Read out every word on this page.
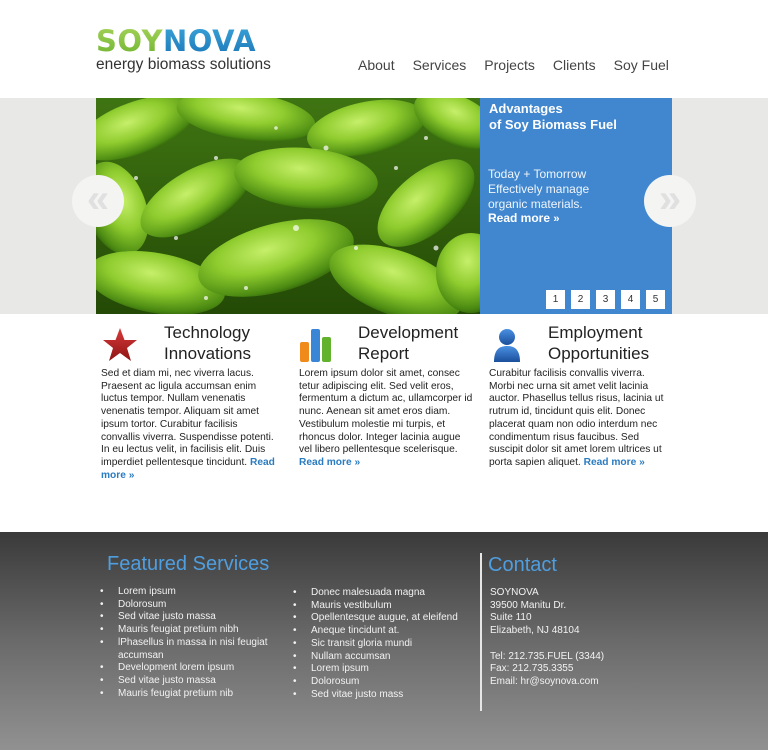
SOYNOVA
energy biomass solutions	About Services Projects Clients Soy Fuel
Advantages
of Soy Biomass Fuel
Today + Tomorrow
Effectively manage
organic materials.
Read more »
1	2	3	4	5
«	»
Technology
Innovations
Sed et diam mi, nec viverra lacus. Praesent ac ligula accumsan enim luctus tempor. Nullam venenatis venenatis tempor. Aliquam sit amet ipsum tortor. Curabitur facilisis convallis viverra. Suspendisse potenti. In eu lectus velit, in facilisis elit. Duis imperdiet pellentesque tincidunt. Read more »
Development
Report
Lorem ipsum dolor sit amet, consec tetur adipiscing elit. Sed velit eros, fermentum a dictum ac, ullamcorper id nunc. Aenean sit amet eros diam. Vestibulum molestie mi turpis, et rhoncus dolor. Integer lacinia augue vel libero pellentesque scelerisque. Read more »
Employment
Opportunities
Curabitur facilisis convallis viverra. Morbi nec urna sit amet velit lacinia auctor. Phasellus tellus risus, lacinia ut rutrum id, tincidunt quis elit. Donec placerat quam non odio interdum nec condimentum risus faucibus. Sed suscipit dolor sit amet lorem ultrices ut porta sapien aliquet. Read more »
Featured Services
• Lorem ipsum
• Dolorosum
• Sed vitae justo massa
• Mauris feugiat pretium nibh
• lPhasellus in massa in nisi feugiat accumsan
• Development lorem ipsum
• Sed vitae justo massa
• Mauris feugiat pretium nib
• Donec malesuada magna
• Mauris vestibulum
• Opellentesque augue, at eleifend
• Aneque tincidunt at.
• Sic transit gloria mundi
• Nullam accumsan
• Lorem ipsum
• Dolorosum
• Sed vitae justo mass
Contact
SOYNOVA
39500 Manitu Dr.
Suite 110
Elizabeth, NJ 48104
Tel: 212.735.FUEL (3344)
Fax: 212.735.3355
Email: hr@soynova.com
